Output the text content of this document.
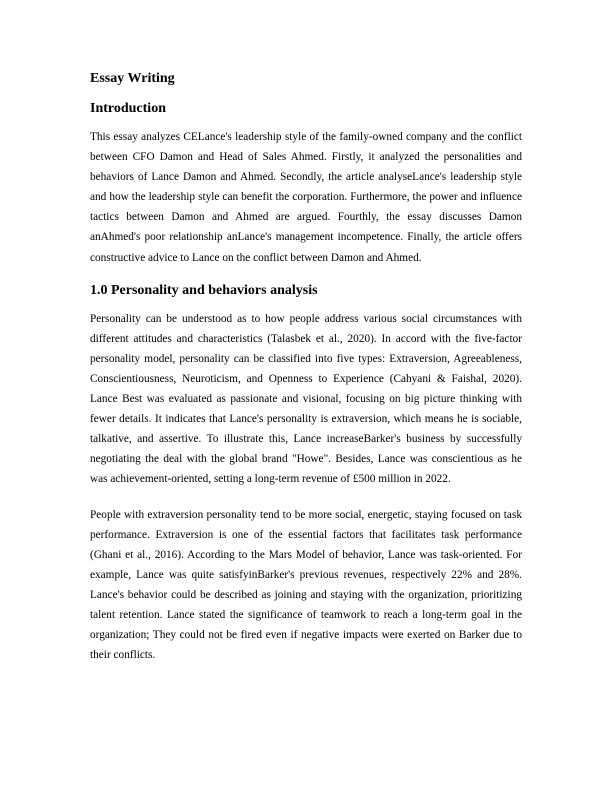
Essay Writing
Introduction

This essay analyzes CELance's leadership style of the family-owned company and the conflict between CFO Damon and Head of Sales Ahmed. Firstly, it analyzed the personalities and behaviors of Lance Damon and Ahmed. Secondly, the article analyseLance's leadership style and how the leadership style can benefit the corporation. Furthermore, the power and influence tactics between Damon and Ahmed are argued. Fourthly, the essay discusses Damon anAhmed's poor relationship anLance's management incompetence. Finally, the article offers constructive advice to Lance on the conflict between Damon and Ahmed.

1.0 Personality and behaviors analysis

Personality can be understood as to how people address various social circumstances with different attitudes and characteristics (Talasbek et al., 2020). In accord with the five-factor personality model, personality can be classified into five types: Extraversion, Agreeableness, Conscientiousness, Neuroticism, and Openness to Experience (Cahyani & Faishal, 2020). Lance Best was evaluated as passionate and visional, focusing on big picture thinking with fewer details. It indicates that Lance's personality is extraversion, which means he is sociable, talkative, and assertive. To illustrate this, Lance increaseBarker's business by successfully negotiating the deal with the global brand "Howe". Besides, Lance was conscientious as he was achievement-oriented, setting a long-term revenue of £500 million in 2022.

People with extraversion personality tend to be more social, energetic, staying focused on task performance. Extraversion is one of the essential factors that facilitates task performance (Ghani et al., 2016). According to the Mars Model of behavior, Lance was task-oriented. For example, Lance was quite satisfyinBarker's previous revenues, respectively 22% and 28%. Lance's behavior could be described as joining and staying with the organization, prioritizing talent retention. Lance stated the significance of teamwork to reach a long-term goal in the organization; They could not be fired even if negative impacts were exerted on Barker due to their conflicts.
